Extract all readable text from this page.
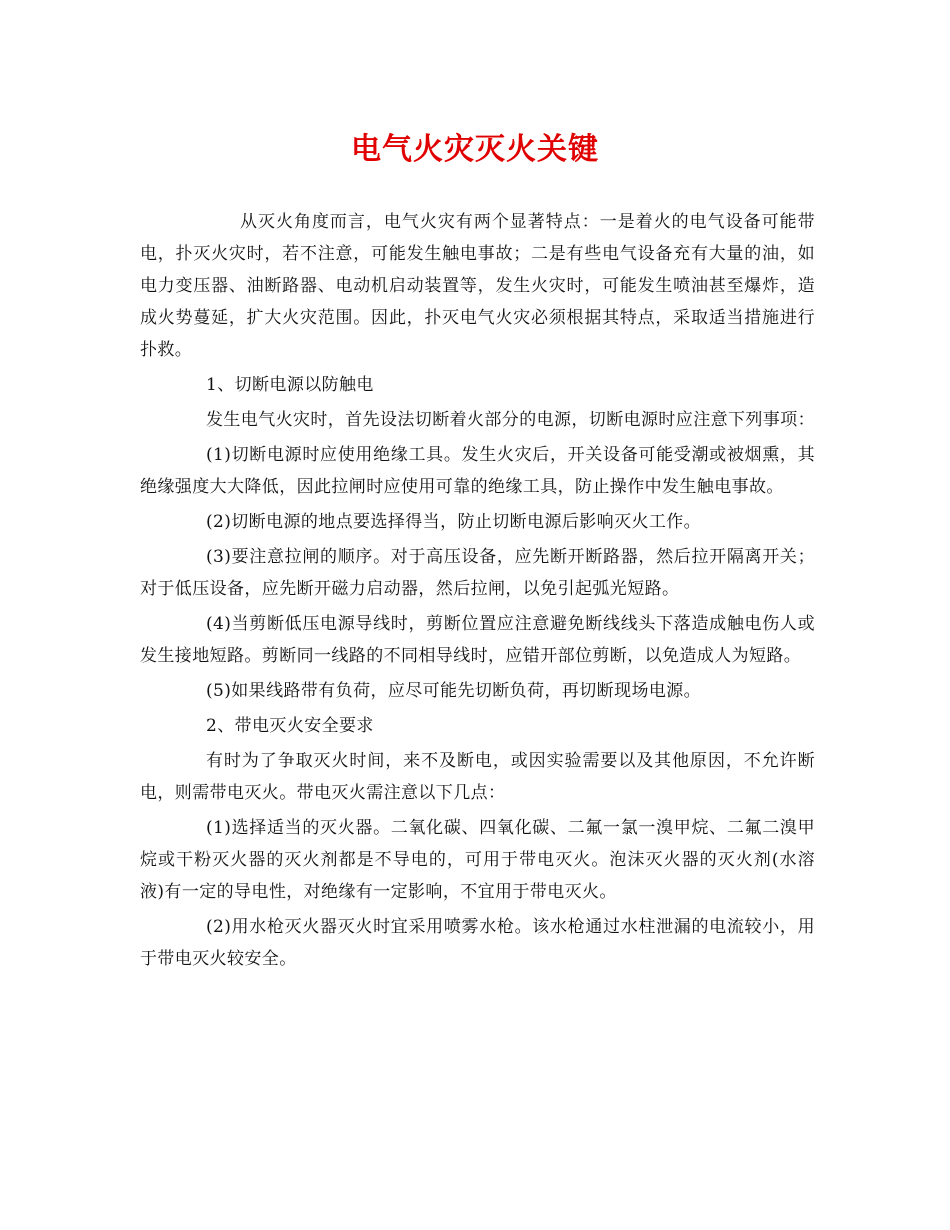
电气火灾灭火关键

从灭火角度而言，电气火灾有两个显著特点：一是着火的电气设备可能带电，扑灭火灾时，若不注意，可能发生触电事故；二是有些电气设备充有大量的油，如电力变压器、油断路器、电动机启动装置等，发生火灾时，可能发生喷油甚至爆炸，造成火势蔓延，扩大火灾范围。因此，扑灭电气火灾必须根据其特点，采取适当措施进行扑救。

1、切断电源以防触电

发生电气火灾时，首先设法切断着火部分的电源，切断电源时应注意下列事项：

(1)切断电源时应使用绝缘工具。发生火灾后，开关设备可能受潮或被烟熏，其绝缘强度大大降低，因此拉闸时应使用可靠的绝缘工具，防止操作中发生触电事故。

(2)切断电源的地点要选择得当，防止切断电源后影响灭火工作。

(3)要注意拉闸的顺序。对于高压设备，应先断开断路器，然后拉开隔离开关；对于低压设备，应先断开磁力启动器，然后拉闸，以免引起弧光短路。

(4)当剪断低压电源导线时，剪断位置应注意避免断线线头下落造成触电伤人或发生接地短路。剪断同一线路的不同相导线时，应错开部位剪断，以免造成人为短路。

(5)如果线路带有负荷，应尽可能先切断负荷，再切断现场电源。

2、带电灭火安全要求

有时为了争取灭火时间，来不及断电，或因实验需要以及其他原因，不允许断电，则需带电灭火。带电灭火需注意以下几点：

(1)选择适当的灭火器。二氧化碳、四氧化碳、二氟一氯一溴甲烷、二氟二溴甲烷或干粉灭火器的灭火剂都是不导电的，可用于带电灭火。泡沫灭火器的灭火剂(水溶液)有一定的导电性，对绝缘有一定影响，不宜用于带电灭火。

(2)用水枪灭火器灭火时宜采用喷雾水枪。该水枪通过水柱泄漏的电流较小，用于带电灭火较安全。
